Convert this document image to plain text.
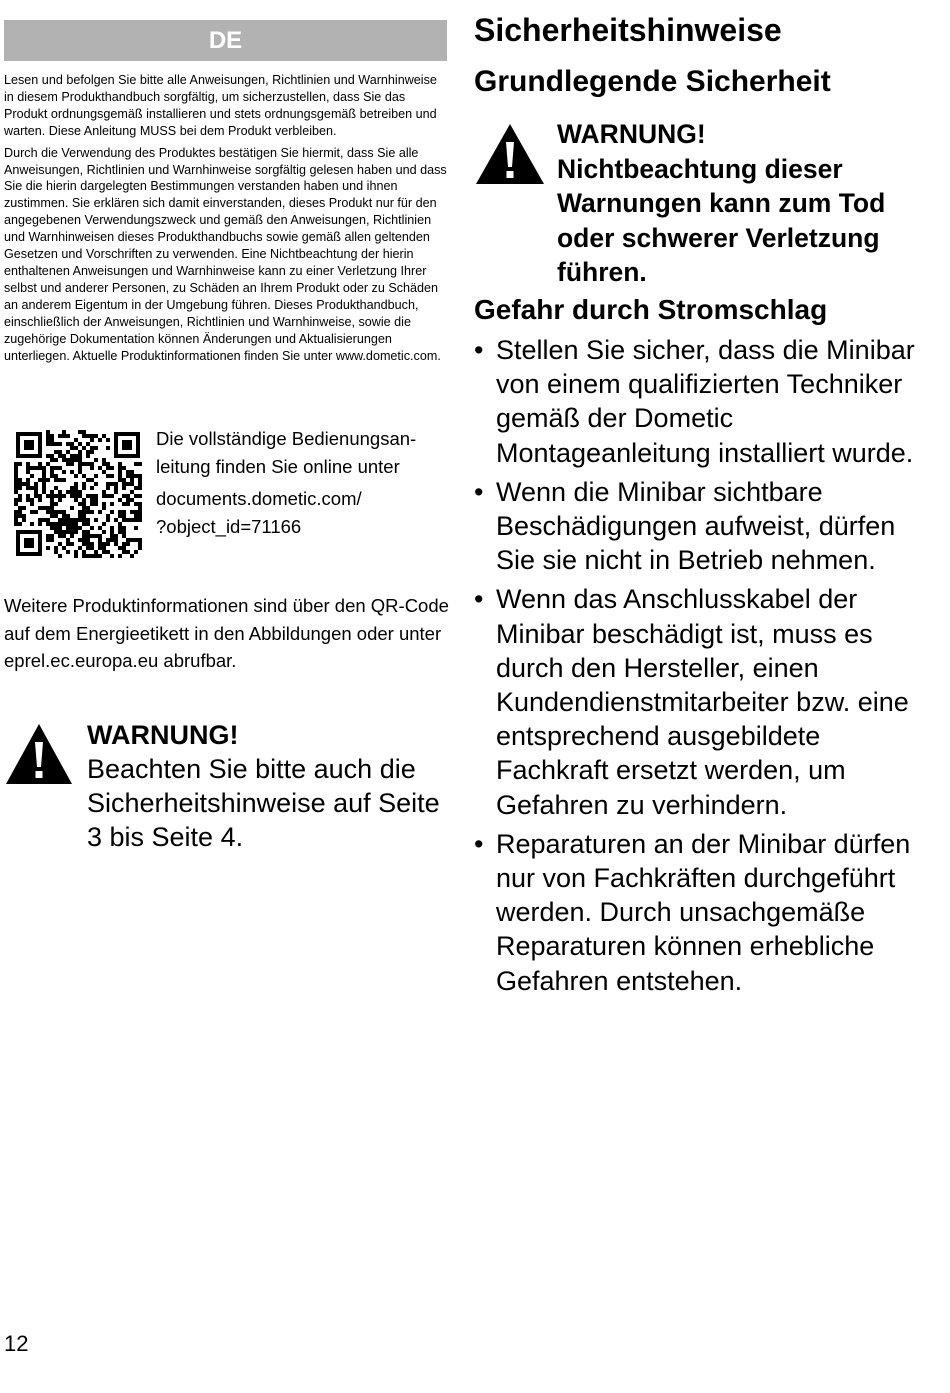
DE

Lesen und befolgen Sie bitte alle Anweisungen, Richtlinien und Warnhinweise in diesem Produkthandbuch sorgfältig, um sicherzustellen, dass Sie das Produkt ordnungsgemäß installieren und stets ordnungsgemäß betreiben und warten. Diese Anleitung MUSS bei dem Produkt verbleiben.

Durch die Verwendung des Produktes bestätigen Sie hiermit, dass Sie alle Anweisungen, Richtlinien und Warnhinweise sorgfältig gelesen haben und dass Sie die hierin dargelegten Bestimmungen verstanden haben und ihnen zustimmen. Sie erklären sich damit einverstanden, dieses Produkt nur für den angegebenen Verwendungszweck und gemäß den Anweisungen, Richtlinien und Warnhinweisen dieses Produkthandbuchs sowie gemäß allen geltenden Gesetzen und Vorschriften zu verwenden. Eine Nichtbeachtung der hierin enthaltenen Anweisungen und Warnhinweise kann zu einer Verletzung Ihrer selbst und anderer Personen, zu Schäden an Ihrem Produkt oder zu Schäden an anderem Eigentum in der Umgebung führen. Dieses Produkthandbuch, einschließlich der Anweisungen, Richtlinien und Warnhinweise, sowie die zugehörige Dokumentation können Änderungen und Aktualisierungen unterliegen. Aktuelle Produktinformationen finden Sie unter www.dometic.com.

Die vollständige Bedienungsan-
leitung finden Sie online unter
documents.dometic.com/
?object_id=71166
Weitere Produktinformationen sind über den QR-Code auf dem Energieetikett in den Abbildungen oder unter eprel.ec.europa.eu abrufbar.
WARNUNG!
Beachten Sie bitte auch die Sicherheitshinweise auf Seite 3 bis Seite 4.
12
Sicherheitshinweise
Grundlegende Sicherheit
WARNUNG!
Nichtbeachtung dieser Warnungen kann zum Tod oder schwerer Verletzung führen.
Gefahr durch Stromschlag
• Stellen Sie sicher, dass die Minibar von einem qualifizierten Techniker gemäß der Dometic Montageanleitung installiert wurde.
• Wenn die Minibar sichtbare Beschädigungen aufweist, dürfen Sie sie nicht in Betrieb nehmen.
• Wenn das Anschlusskabel der Minibar beschädigt ist, muss es durch den Hersteller, einen Kundendienstmitarbeiter bzw. eine entsprechend ausgebildete Fachkraft ersetzt werden, um Gefahren zu verhindern.
• Reparaturen an der Minibar dürfen nur von Fachkräften durchgeführt werden. Durch unsachgemäße Reparaturen können erhebliche Gefahren entstehen.
